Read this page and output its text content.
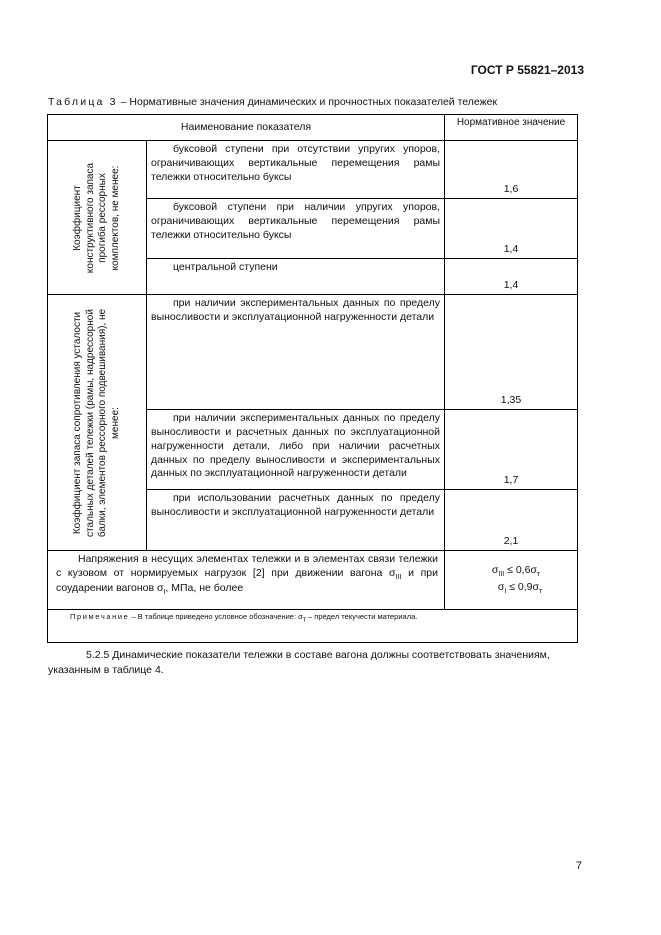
ГОСТ Р 55821–2013
Таблица 3 – Нормативные значения динамических и прочностных показателей тележек
Наименование показателя		Нормативное значение

Коэффициент конструктивного запаса прогиба рессорных комплектов, не менее:	буксовой ступени при отсутствии упругих упоров, ограничивающих вертикальные перемещения рамы тележки относительно буксы	1,6

	буксовой ступени при наличии упругих упоров, ограничивающих вертикальные перемещения рамы тележки относительно буксы	1,4

	центральной ступени	1,4

Коэффициент запаса сопротивления усталости стальных деталей тележки (рамы, надрессорной балки, элементов рессорного подвешивания), не менее:	при наличии экспериментальных данных по пределу выносливости и эксплуатационной нагруженности детали	1,35

	при наличии экспериментальных данных по пределу выносливости и расчетных данных по эксплуатационной нагруженности детали, либо при наличии расчетных данных по пределу выносливости и экспериментальных данных по эксплуатационной нагруженности детали	1,7

	при использовании расчетных данных по пределу выносливости и эксплуатационной нагруженности детали	2,1

Напряжения в несущих элементах тележки и в элементах связи тележки с кузовом от нормируемых нагрузок [2] при движении вагона $\sigma_{III}$ и при соударении вагонов $\sigma_I$, МПа, не более		$\sigma_{III} \le 0,6\sigma_т$
$\sigma_I \le 0,9\sigma_т$

Примечание – В таблице приведено условное обозначение: $\sigma_т$ – предел текучести материала.		
5.2.5 Динамические показатели тележки в составе вагона должны соответствовать значениям, указанным в таблице 4.
7
